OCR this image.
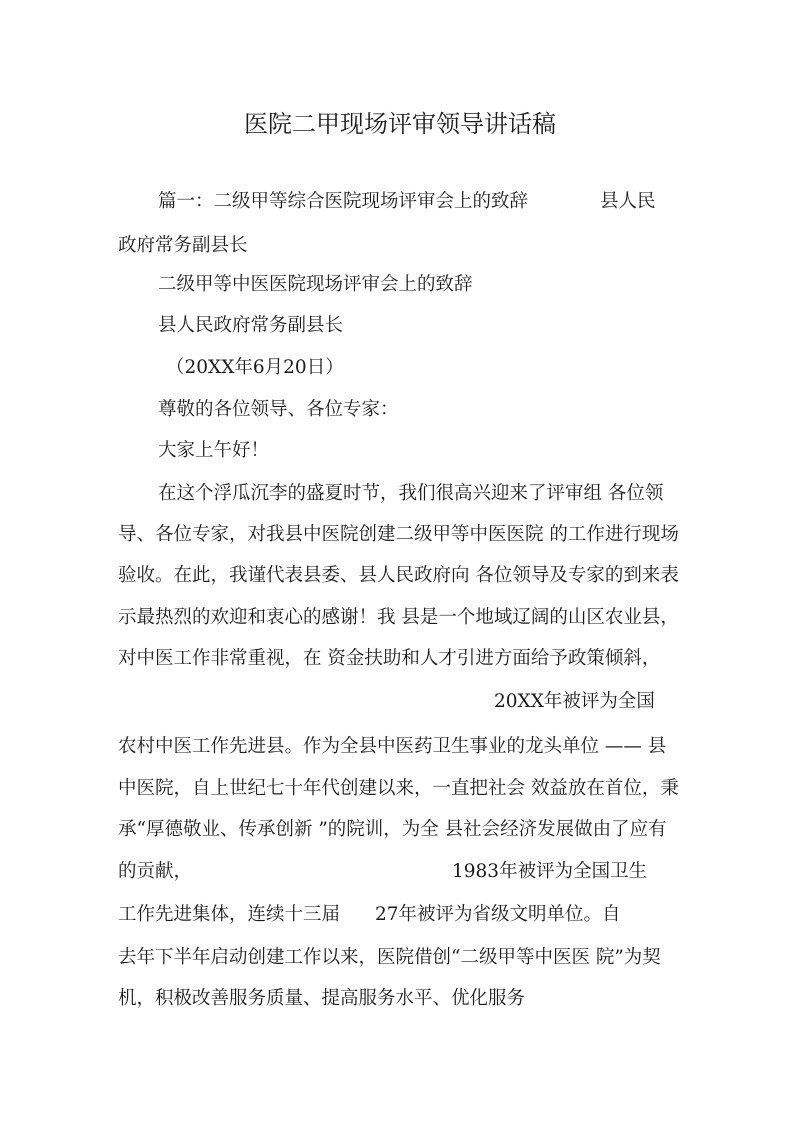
医院二甲现场评审领导讲话稿
篇一：二级甲等综合医院现场评审会上的致辞	县人民
政府常务副县长
二级甲等中医医院现场评审会上的致辞
县人民政府常务副县长
（20XX年6月20日）
尊敬的各位领导、各位专家：
大家上午好！
在这个浮瓜沉李的盛夏时节，我们很高兴迎来了评审组 各位领
导、各位专家，对我县中医院创建二级甲等中医医院 的工作进行现场
验收。在此，我谨代表县委、县人民政府向 各位领导及专家的到来表
示最热烈的欢迎和衷心的感谢！我 县是一个地域辽阔的山区农业县，
对中医工作非常重视，在 资金扶助和人才引进方面给予政策倾斜，
20XX年被评为全国
农村中医工作先进县。作为全县中医药卫生事业的龙头单位 —— 县
中医院，自上世纪七十年代创建以来，一直把社会 效益放在首位，秉
承“厚德敬业、传承创新 ”的院训，为全 县社会经济发展做由了应有
的贡献，	1983年被评为全国卫生
工作先进集体，连续十三届 27年被评为省级文明单位。自
去年下半年启动创建工作以来，医院借创“二级甲等中医医 院”为契
机，积极改善服务质量、提高服务水平、优化服务
